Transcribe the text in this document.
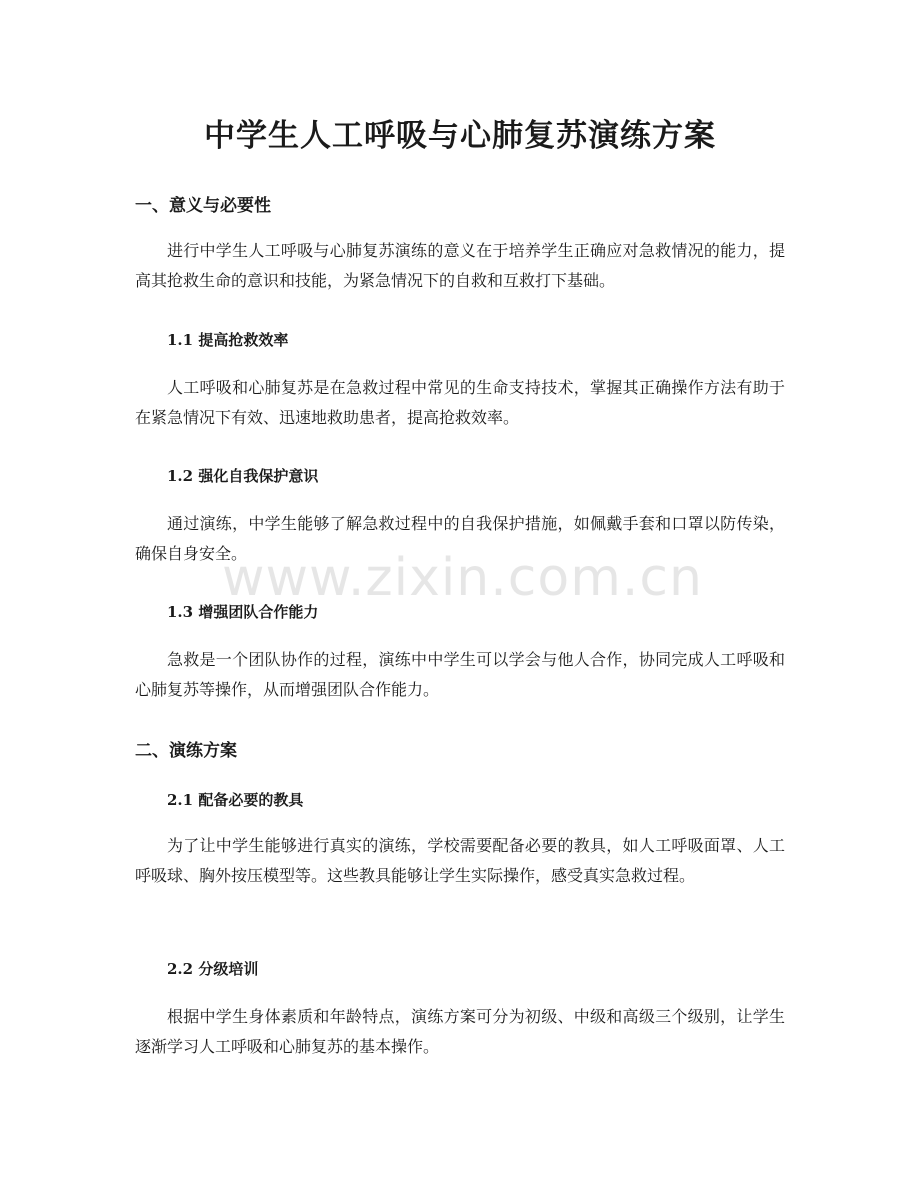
中学生人工呼吸与心肺复苏演练方案
一、意义与必要性

进行中学生人工呼吸与心肺复苏演练的意义在于培养学生正确应对急救情况的能力，提高其抢救生命的意识和技能，为紧急情况下的自救和互救打下基础。

1.1 提高抢救效率

人工呼吸和心肺复苏是在急救过程中常见的生命支持技术，掌握其正确操作方法有助于在紧急情况下有效、迅速地救助患者，提高抢救效率。

1.2 强化自我保护意识

通过演练，中学生能够了解急救过程中的自我保护措施，如佩戴手套和口罩以防传染，确保自身安全。

1.3 增强团队合作能力

急救是一个团队协作的过程，演练中中学生可以学会与他人合作，协同完成人工呼吸和心肺复苏等操作，从而增强团队合作能力。

二、演练方案
2.1 配备必要的教具

为了让中学生能够进行真实的演练，学校需要配备必要的教具，如人工呼吸面罩、人工呼吸球、胸外按压模型等。这些教具能够让学生实际操作，感受真实急救过程。

2.2 分级培训

根据中学生身体素质和年龄特点，演练方案可分为初级、中级和高级三个级别，让学生逐渐学习人工呼吸和心肺复苏的基本操作。

www.zixin.com.cn
